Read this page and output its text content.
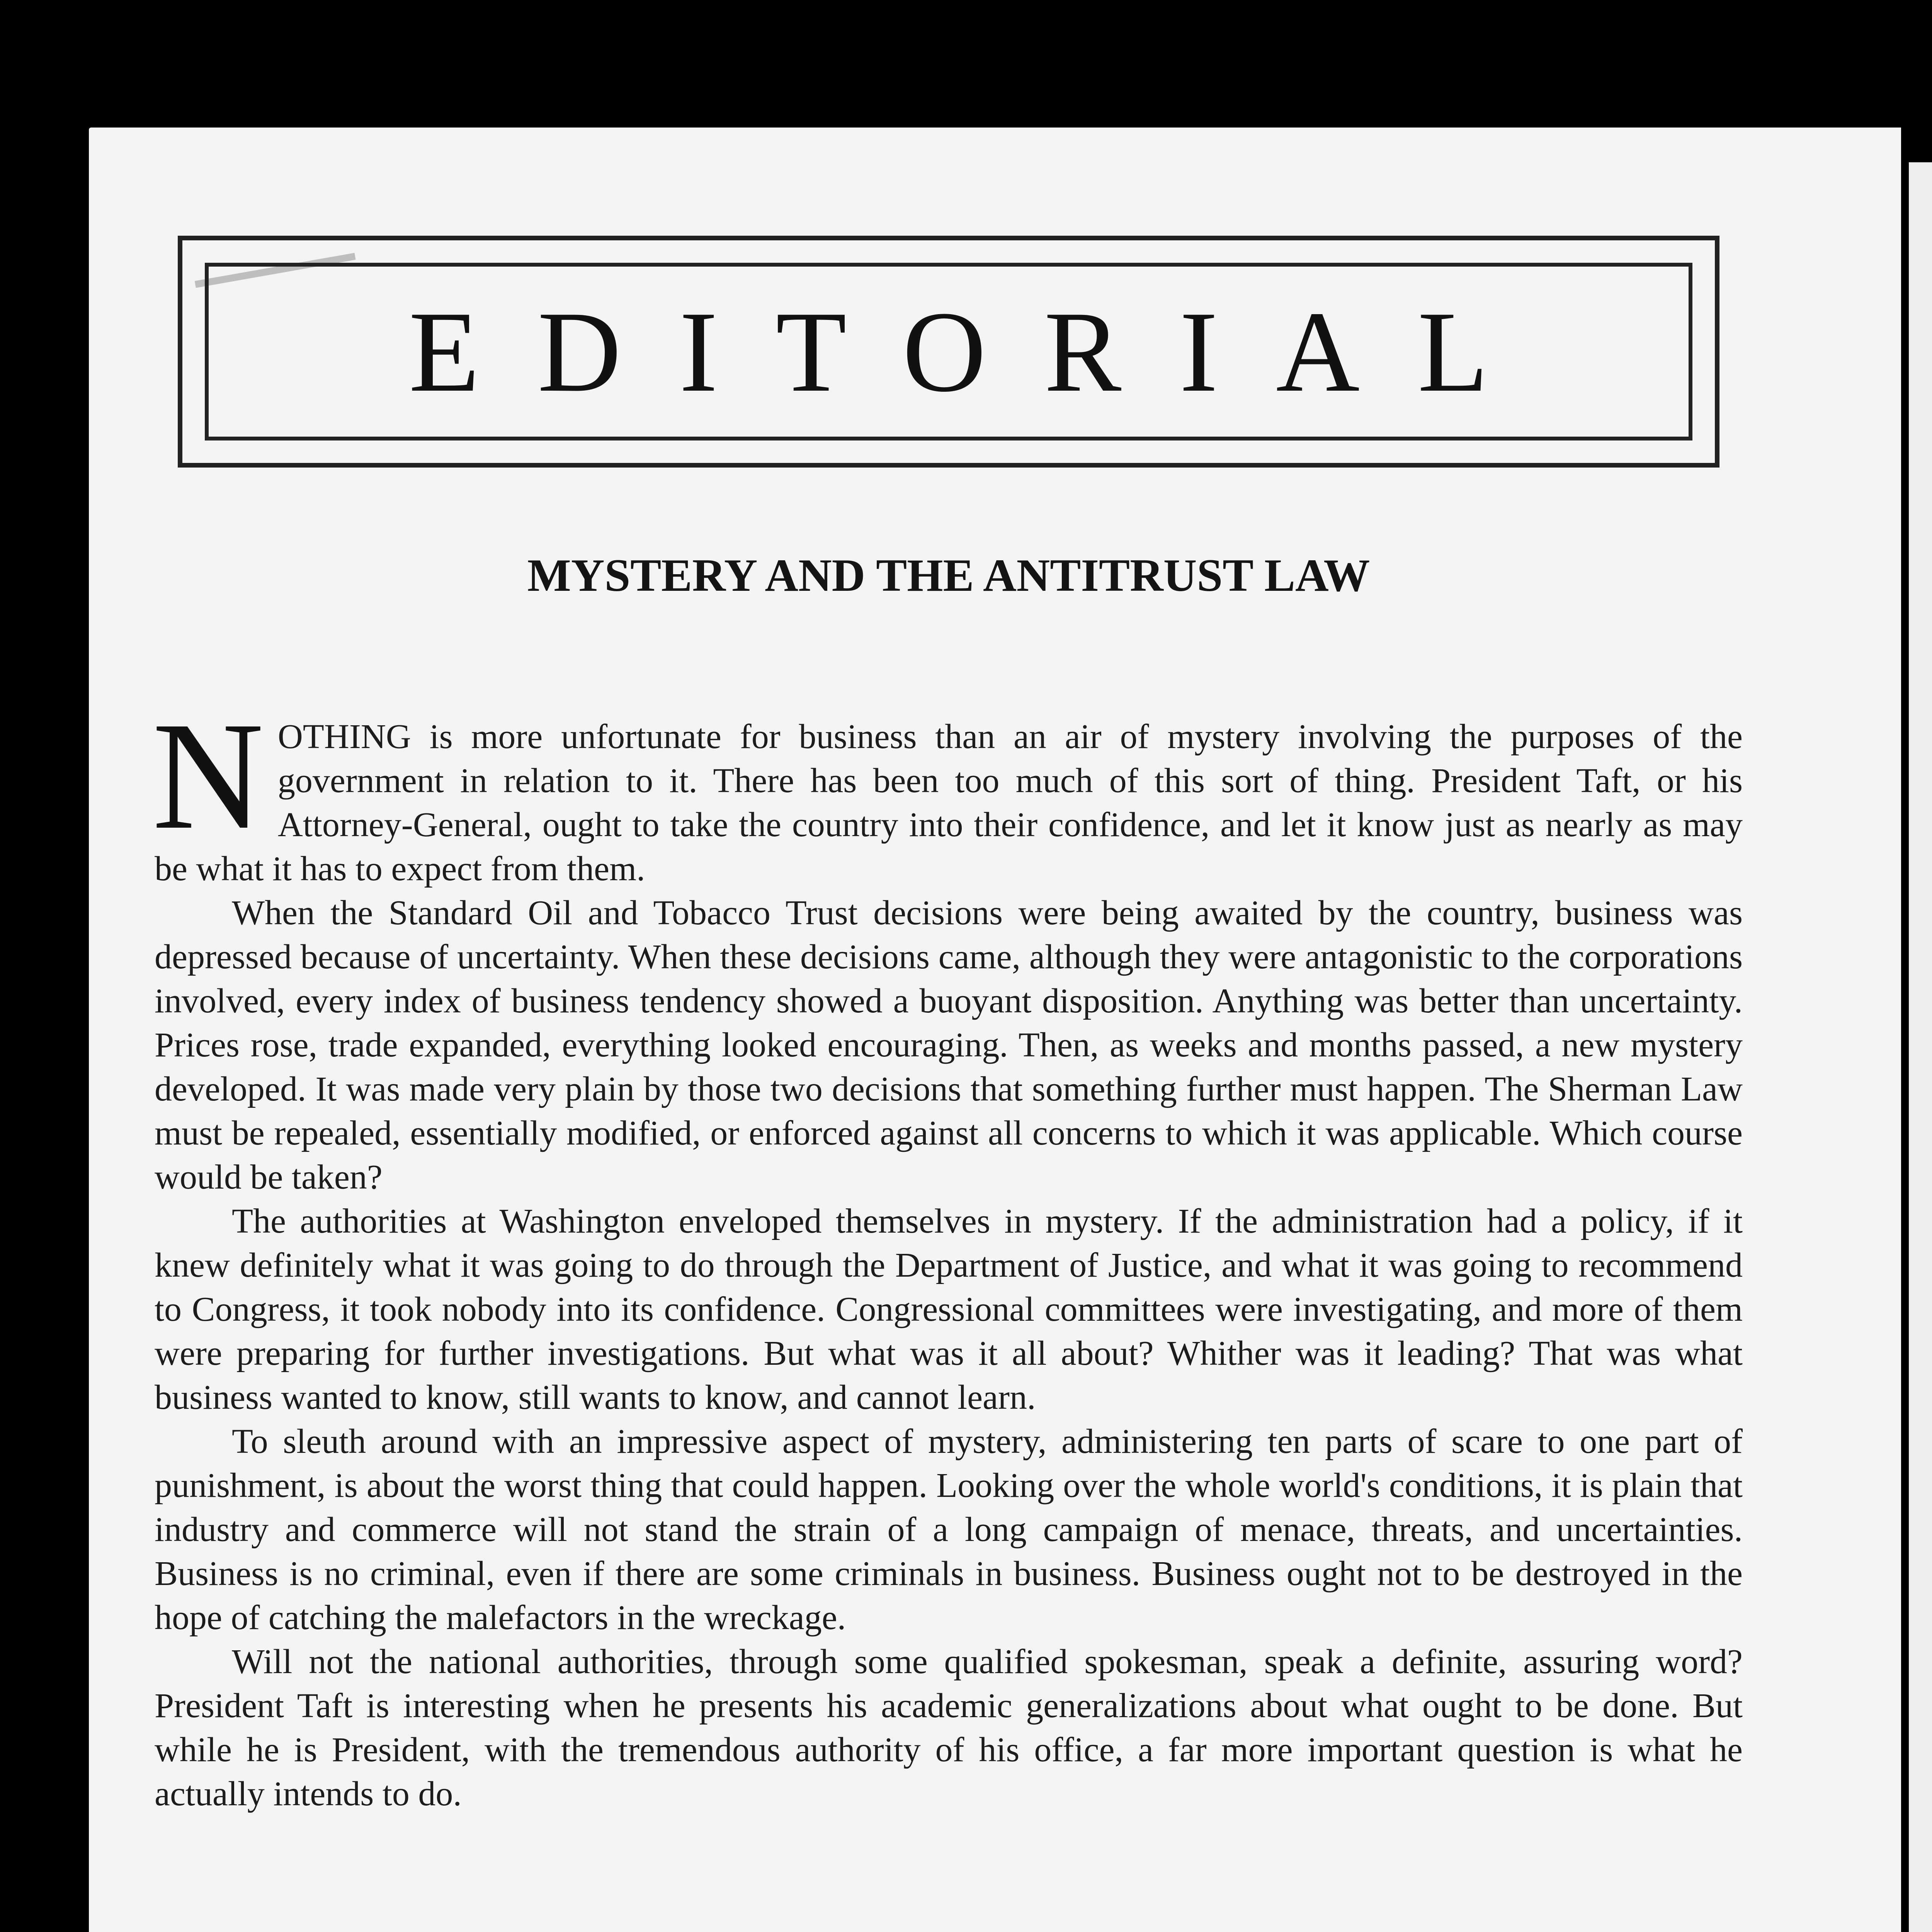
EDITORIAL
MYSTERY AND THE ANTITRUST LAW

NOTHING is more unfortunate for business than an air of mystery involving the purposes of the government in relation to it. There has been too much of this sort of thing. President Taft, or his Attorney-General, ought to take the country into their confidence, and let it know just as nearly as may be what it has to expect from them.

When the Standard Oil and Tobacco Trust decisions were being awaited by the country, business was depressed because of uncertainty. When these decisions came, although they were antagonistic to the corporations involved, every index of business tendency showed a buoyant disposition. Anything was better than uncertainty. Prices rose, trade expanded, everything looked encouraging. Then, as weeks and months passed, a new mystery developed. It was made very plain by those two decisions that something further must happen. The Sherman Law must be repealed, essentially modified, or enforced against all concerns to which it was applicable. Which course would be taken?

The authorities at Washington enveloped themselves in mystery. If the administration had a policy, if it knew definitely what it was going to do through the Department of Justice, and what it was going to recommend to Congress, it took nobody into its confidence. Congressional committees were investigating, and more of them were preparing for further investigations. But what was it all about? Whither was it leading? That was what business wanted to know, still wants to know, and cannot learn.

To sleuth around with an impressive aspect of mystery, administering ten parts of scare to one part of punishment, is about the worst thing that could happen. Looking over the whole world's conditions, it is plain that industry and commerce will not stand the strain of a long campaign of menace, threats, and uncertainties. Business is no criminal, even if there are some criminals in business. Business ought not to be destroyed in the hope of catching the malefactors in the wreckage.

Will not the national authorities, through some qualified spokesman, speak a definite, assuring word? President Taft is interesting when he presents his academic generalizations about what ought to be done. But while he is President, with the tremendous authority of his office, a far more important question is what he actually intends to do.
